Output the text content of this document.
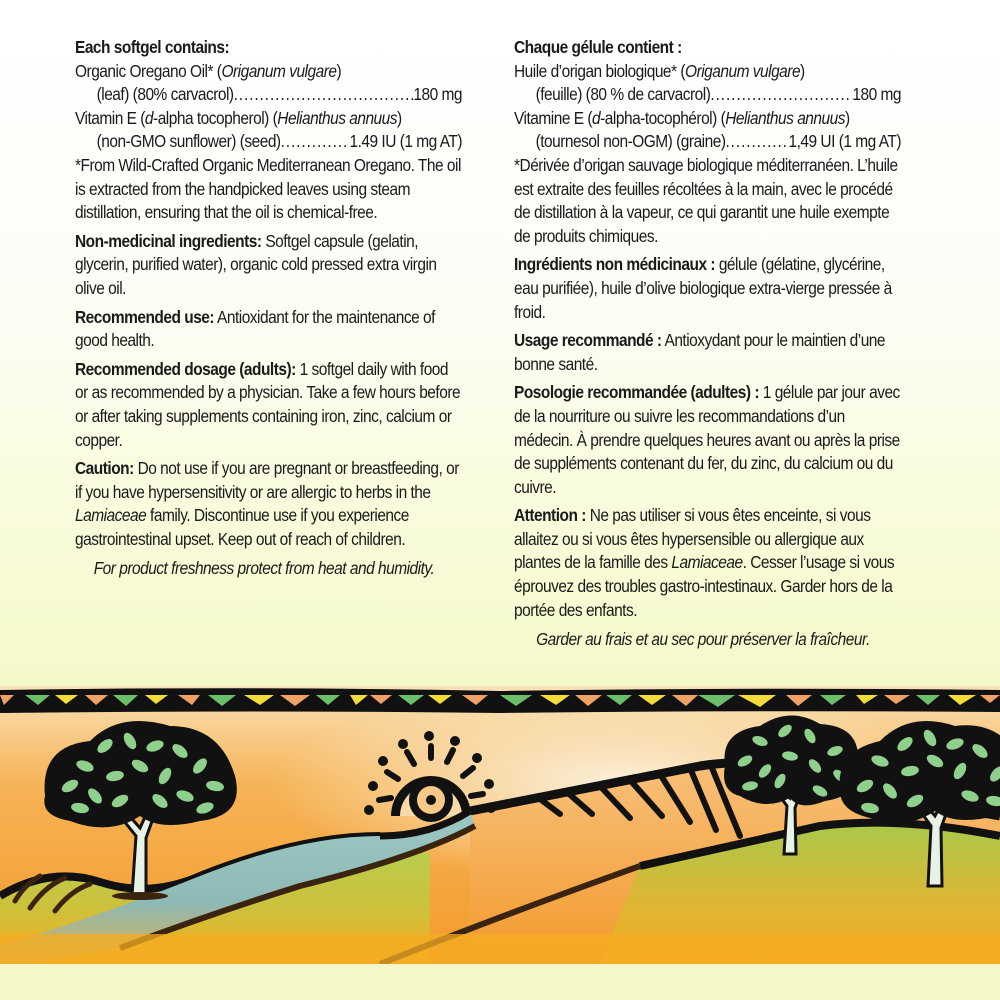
Each softgel contains:

Organic Oregano Oil* (Origanum vulgare)

(leaf) (80% carvacrol) .....	180 mg

Vitamin E (d-alpha tocopherol) (Helianthus annuus)

(non-GMO sunflower) (seed) .....	1.49 IU (1 mg AT)

*From Wild-Crafted Organic Mediterranean Oregano. The oil is extracted from the handpicked leaves using steam distillation, ensuring that the oil is chemical-free.

Non-medicinal ingredients: Softgel capsule (gelatin, glycerin, purified water), organic cold pressed extra virgin olive oil.

Recommended use: Antioxidant for the maintenance of good health.

Recommended dosage (adults): 1 softgel daily with food or as recommended by a physician. Take a few hours before or after taking supplements containing iron, zinc, calcium or copper.

Caution: Do not use if you are pregnant or breastfeeding, or if you have hypersensitivity or are allergic to herbs in the Lamiaceae family. Discontinue use if you experience gastrointestinal upset. Keep out of reach of children.

For product freshness protect from heat and humidity.

Chaque gélule contient :

Huile d’origan biologique* (Origanum vulgare)

(feuille) (80 % de carvacrol) .....	180 mg

Vitamine E (d-alpha-tocophérol) (Helianthus annuus)

(tournesol non-OGM) (graine) .....	1,49 UI (1 mg AT)

*Dérivée d’origan sauvage biologique méditerranéen. L’huile est extraite des feuilles récoltées à la main, avec le procédé de distillation à la vapeur, ce qui garantit une huile exempte de produits chimiques.

Ingrédients non médicinaux : gélule (gélatine, glycérine, eau purifiée), huile d’olive biologique extra-vierge pressée à froid.

Usage recommandé : Antioxydant pour le maintien d’une bonne santé.

Posologie recommandée (adultes) : 1 gélule par jour avec de la nourriture ou suivre les recommandations d’un médecin. À prendre quelques heures avant ou après la prise de suppléments contenant du fer, du zinc, du calcium ou du cuivre.

Attention : Ne pas utiliser si vous êtes enceinte, si vous allaitez ou si vous êtes hypersensible ou allergique aux plantes de la famille des Lamiaceae. Cesser l’usage si vous éprouvez des troubles gastro-intestinaux. Garder hors de la portée des enfants.

Garder au frais et au sec pour préserver la fraîcheur.
